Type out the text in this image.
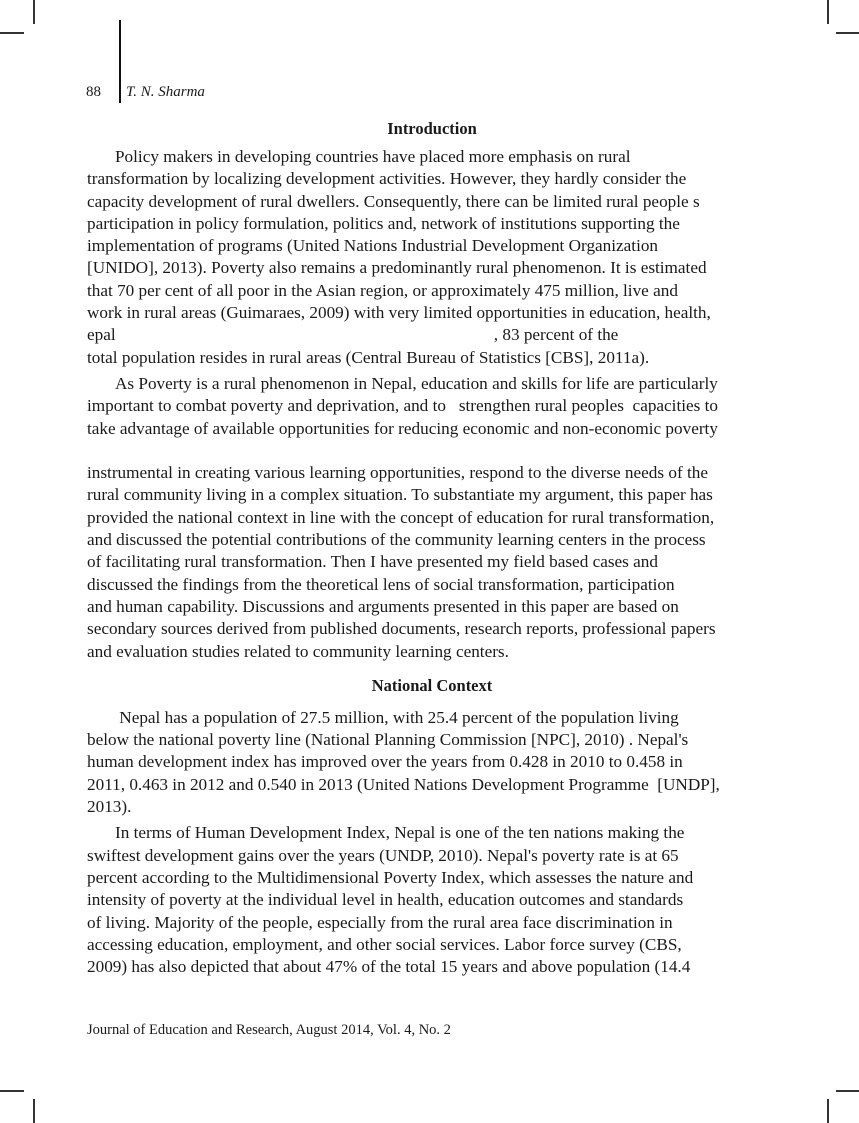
88 T. N. Sharma
Introduction

Policy makers in developing countries have placed more emphasis on rural
transformation by localizing development activities. However, they hardly consider the
capacity development of rural dwellers. Consequently, there can be limited rural people s
participation in policy formulation, politics and, network of institutions supporting the
implementation of programs (United Nations Industrial Development Organization
[UNIDO], 2013). Poverty also remains a predominantly rural phenomenon. It is estimated
that 70 per cent of all poor in the Asian region, or approximately 475 million, live and
work in rural areas (Guimaraes, 2009) with very limited opportunities in education, health,
epal                                                                                        , 83 percent of the
total population resides in rural areas (Central Bureau of Statistics [CBS], 2011a).

As Poverty is a rural phenomenon in Nepal, education and skills for life are particularly
important to combat poverty and deprivation, and to   strengthen rural peoples  capacities to
take advantage of available opportunities for reducing economic and non-economic poverty
instrumental in creating various learning opportunities, respond to the diverse needs of the
rural community living in a complex situation. To substantiate my argument, this paper has
provided the national context in line with the concept of education for rural transformation,
and discussed the potential contributions of the community learning centers in the process
of facilitating rural transformation. Then I have presented my field based cases and
discussed the findings from the theoretical lens of social transformation, participation
and human capability. Discussions and arguments presented in this paper are based on
secondary sources derived from published documents, research reports, professional papers
and evaluation studies related to community learning centers.

National Context

Nepal has a population of 27.5 million, with 25.4 percent of the population living
below the national poverty line (National Planning Commission [NPC], 2010) . Nepal's
human development index has improved over the years from 0.428 in 2010 to 0.458 in
2011, 0.463 in 2012 and 0.540 in 2013 (United Nations Development Programme  [UNDP],
2013).

In terms of Human Development Index, Nepal is one of the ten nations making the
swiftest development gains over the years (UNDP, 2010). Nepal's poverty rate is at 65
percent according to the Multidimensional Poverty Index, which assesses the nature and
intensity of poverty at the individual level in health, education outcomes and standards
of living. Majority of the people, especially from the rural area face discrimination in
accessing education, employment, and other social services. Labor force survey (CBS,
2009) has also depicted that about 47% of the total 15 years and above population (14.4

Journal of Education and Research, August 2014, Vol. 4, No. 2
